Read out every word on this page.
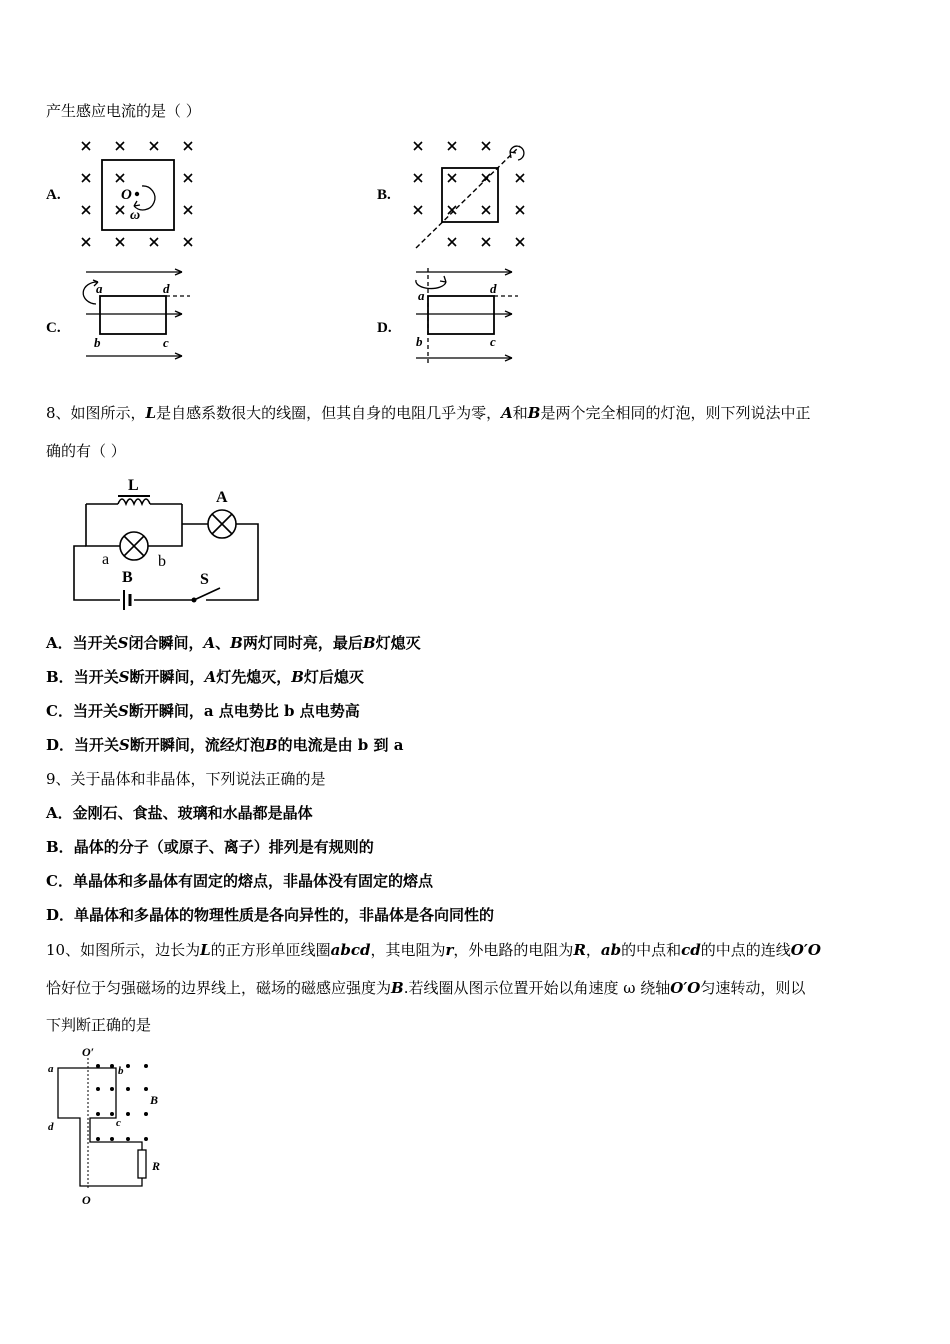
产生感应电流的是（ ）
A.	B.
C.	D.
O
ω
a	d
b	c
a	d
b	c
8、如图所示，L是自感系数很大的线圈，但其自身的电阻几乎为零，A和B是两个完全相同的灯泡，则下列说法中正
确的有（ ）
L
A
a	b
B	S
A．当开关S闭合瞬间，A、B两灯同时亮，最后B灯熄灭
B．当开关S断开瞬间，A灯先熄灭，B灯后熄灭
C．当开关S断开瞬间，a 点电势比 b 点电势高
D．当开关S断开瞬间，流经灯泡B的电流是由 b 到 a
9、关于晶体和非晶体，下列说法正确的是
A．金刚石、食盐、玻璃和水晶都是晶体
B．晶体的分子（或原子、离子）排列是有规则的
C．单晶体和多晶体有固定的熔点，非晶体没有固定的熔点
D．单晶体和多晶体的物理性质是各向异性的，非晶体是各向同性的
10、如图所示，边长为L的正方形单匝线圈abcd，其电阻为r，外电路的电阻为R，ab的中点和cd的中点的连线O′O
恰好位于匀强磁场的边界线上，磁场的磁感应强度为B.若线圈从图示位置开始以角速度 ω 绕轴O′O匀速转动，则以
下判断正确的是
O′
O
a	b
c
d
B
R
